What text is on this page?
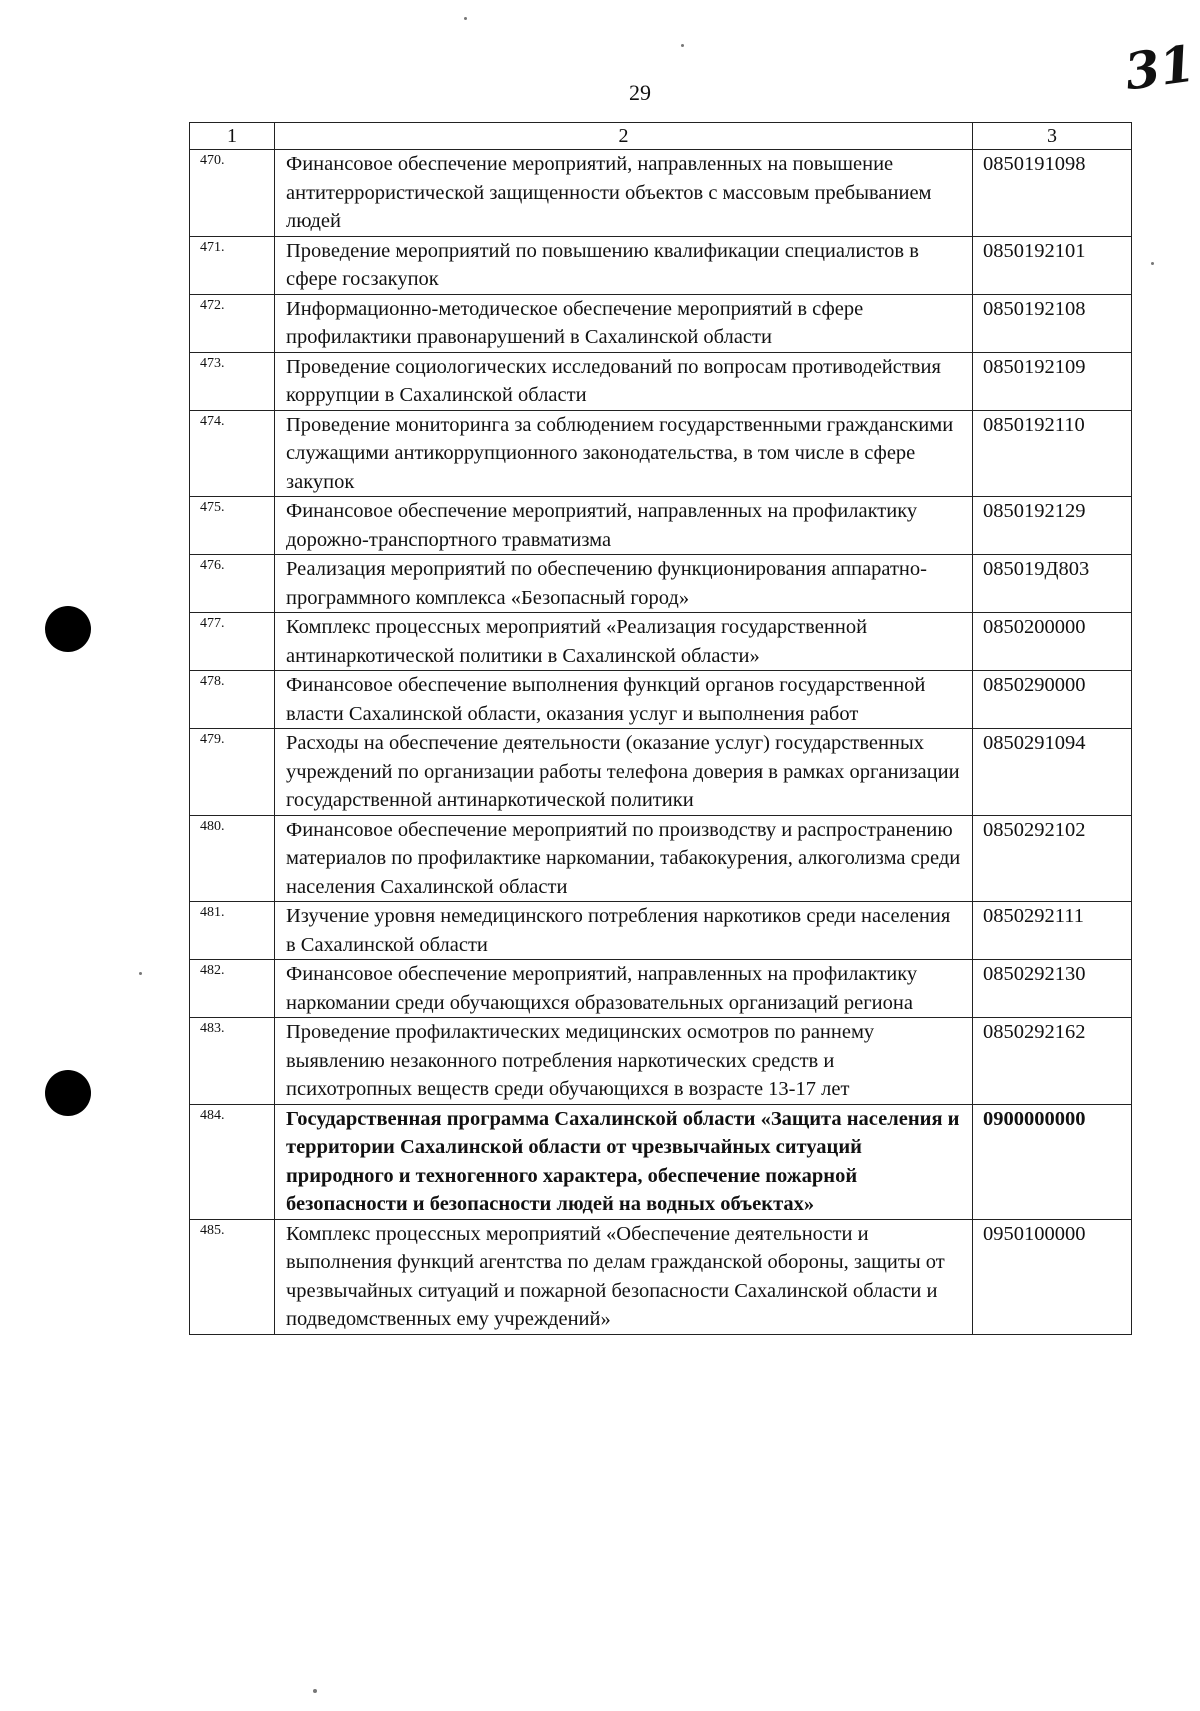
29	31
1	2	3
470.	Финансовое обеспечение мероприятий, направленных на повышение антитеррористической защищенности объектов с массовым пребыванием людей	0850191098
471.	Проведение мероприятий по повышению квалификации специалистов в сфере госзакупок	0850192101
472.	Информационно-методическое обеспечение мероприятий в сфере профилактики правонарушений в Сахалинской области	0850192108
473.	Проведение социологических исследований по вопросам противодействия коррупции в Сахалинской области	0850192109
474.	Проведение мониторинга за соблюдением государственными гражданскими служащими антикоррупционного законодательства, в том числе в сфере закупок	0850192110
475.	Финансовое обеспечение мероприятий, направленных на профилактику дорожно-транспортного травматизма	0850192129
476.	Реализация мероприятий по обеспечению функционирования аппаратно-программного комплекса «Безопасный город»	085019Д803
477.	Комплекс процессных мероприятий «Реализация государственной антинаркотической политики в Сахалинской области»	0850200000
478.	Финансовое обеспечение выполнения функций органов государственной власти Сахалинской области, оказания услуг и выполнения работ	0850290000
479.	Расходы на обеспечение деятельности (оказание услуг) государственных учреждений по организации работы телефона доверия в рамках организации государственной антинаркотической политики	0850291094
480.	Финансовое обеспечение мероприятий по производству и распространению материалов по профилактике наркомании, табакокурения, алкоголизма среди населения Сахалинской области	0850292102
481.	Изучение уровня немедицинского потребления наркотиков среди населения в Сахалинской области	0850292111
482.	Финансовое обеспечение мероприятий, направленных на профилактику наркомании среди обучающихся образовательных организаций региона	0850292130
483.	Проведение профилактических медицинских осмотров по раннему выявлению незаконного потребления наркотических средств и психотропных веществ среди обучающихся в возрасте 13-17 лет	0850292162
484.	Государственная программа Сахалинской области «Защита населения и территории Сахалинской области от чрезвычайных ситуаций природного и техногенного характера, обеспечение пожарной безопасности и безопасности людей на водных объектах»	0900000000
485.	Комплекс процессных мероприятий «Обеспечение деятельности и выполнения функций агентства по делам гражданской обороны, защиты от чрезвычайных ситуаций и пожарной безопасности Сахалинской области и подведомственных ему учреждений»	0950100000
